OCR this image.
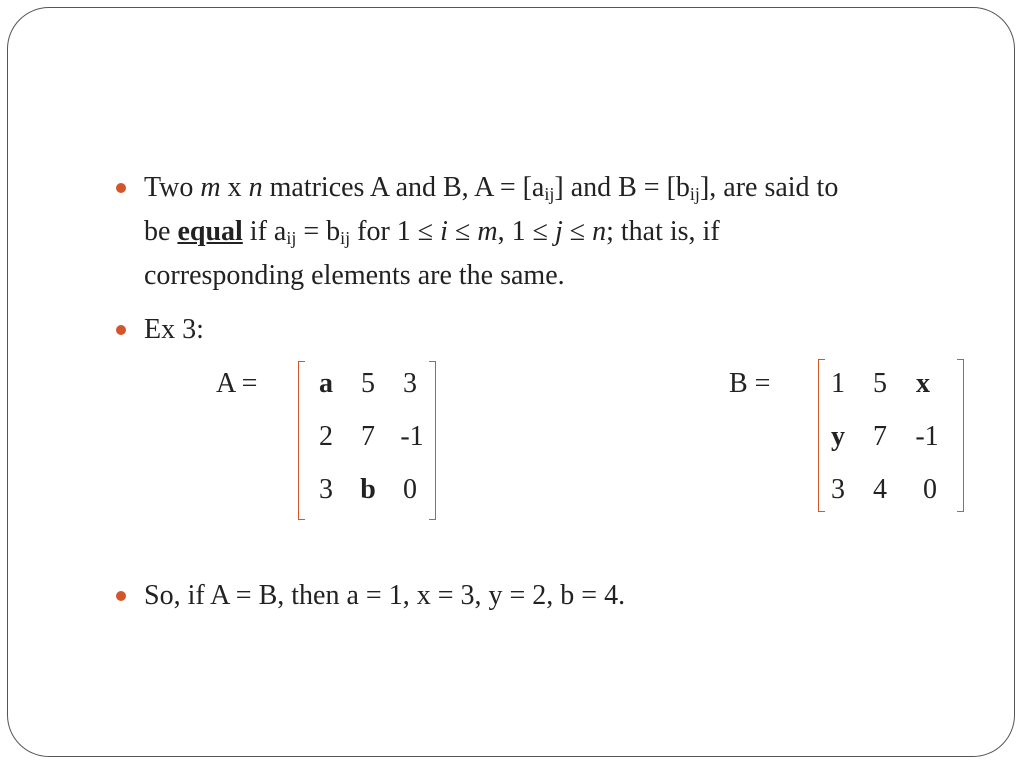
Two m x n matrices A and B, $A = [a_{ij}]$ and $B = [b_{ij}]$, are said to
be equal if $a_{ij} = b_{ij}$ for 1 ≤ i ≤ m, 1 ≤ j ≤ n; that is, if
corresponding elements are the same.
Ex 3:
A =	a	5	3
2	7 -1
3 b 0
B =	1	5	x
y	7	-1
3	4	0
So, if A = B, then a = 1, x = 3, y = 2, b = 4.
